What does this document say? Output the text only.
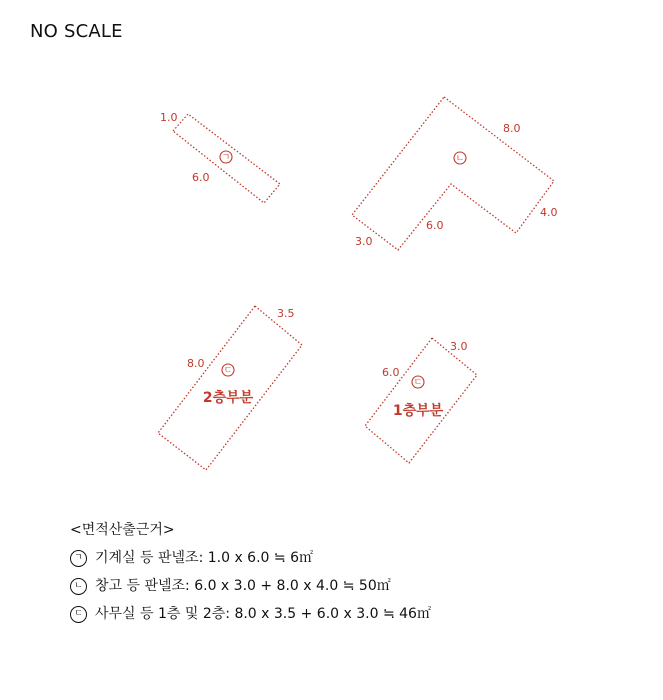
NO SCALE
1.0
6.0
ㄱ
8.0
4.0
6.0
3.0
ㄴ
3.5
8.0
ㄷ
2층부분
3.0
6.0
ㄷ
1층부분
<면적산출근거>
ㄱ 기계실 등 판넬조: 1.0 x 6.0 ≒ 6㎡
ㄴ 창고 등 판넬조: 6.0 x 3.0 + 8.0 x 4.0 ≒ 50㎡
ㄷ 사무실 등 1층 및 2층: 8.0 x 3.5 + 6.0 x 3.0 ≒ 46㎡
